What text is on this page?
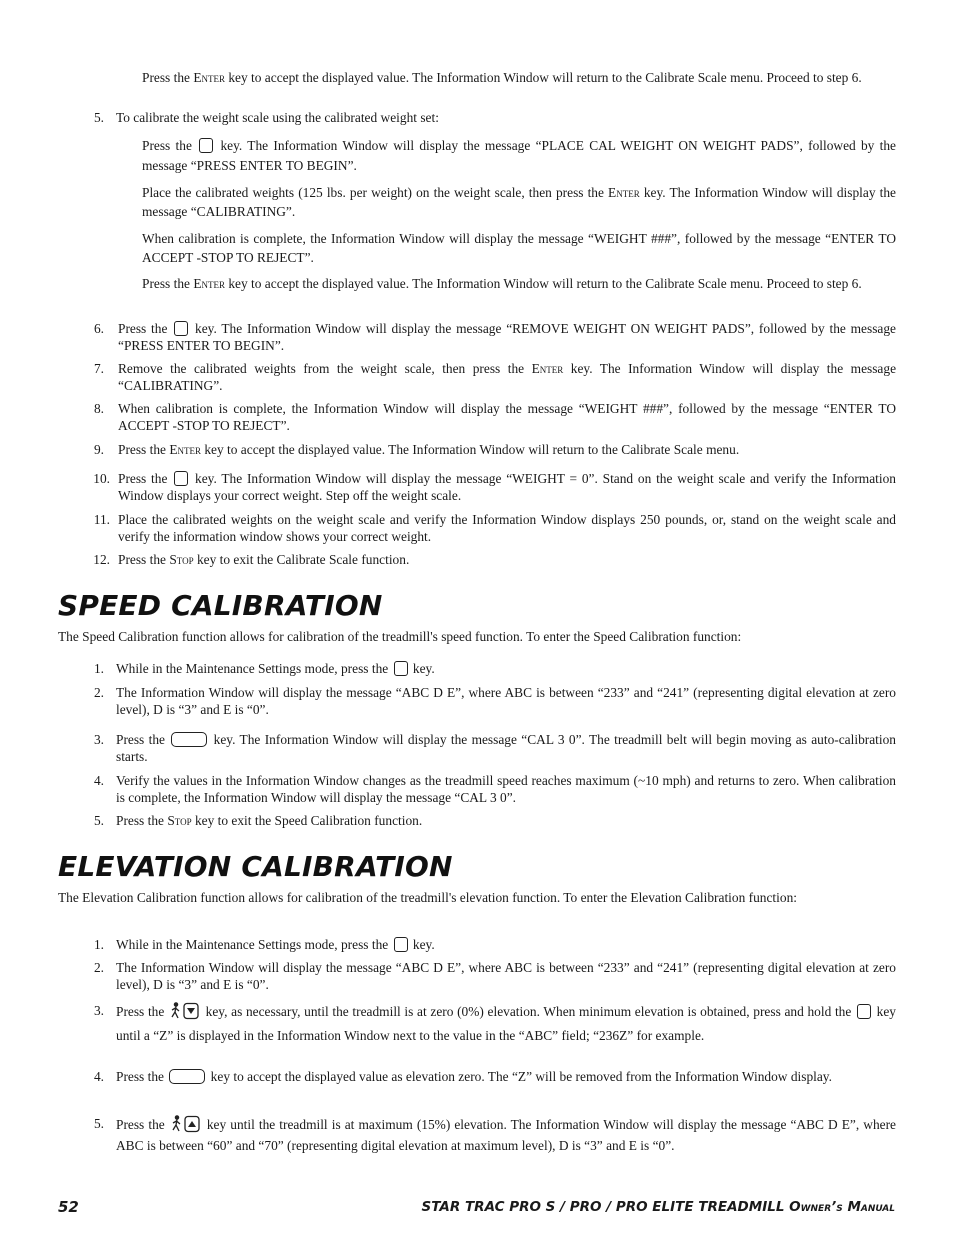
Press the Enter key to accept the displayed value. The Information Window will return to the Calibrate Scale menu. Proceed to step 6.
5. To calibrate the weight scale using the calibrated weight set:
Press the  key. The Information Window will display the message “PLACE CAL WEIGHT ON WEIGHT PADS”, followed by the message “PRESS ENTER TO BEGIN”.
Place the calibrated weights (125 lbs. per weight) on the weight scale, then press the Enter key. The Information Window will display the message “CALIBRATING”.
When calibration is complete, the Information Window will display the message “WEIGHT ###”, followed by the message “ENTER TO ACCEPT -STOP TO REJECT”.
Press the Enter key to accept the displayed value. The Information Window will return to the Calibrate Scale menu. Proceed to step 6.
6. Press the  key. The Information Window will display the message “REMOVE WEIGHT ON WEIGHT PADS”, followed by the message “PRESS ENTER TO BEGIN”.
7. Remove the calibrated weights from the weight scale, then press the Enter key. The Information Window will display the message “CALIBRATING”.
8. When calibration is complete, the Information Window will display the message “WEIGHT ###”, followed by the message “ENTER TO ACCEPT -STOP TO REJECT”.
9. Press the Enter key to accept the displayed value. The Information Window will return to the Calibrate Scale menu.
10. Press the  key. The Information Window will display the message “WEIGHT = 0”. Stand on the weight scale and verify the Information Window displays your correct weight. Step off the weight scale.
11. Place the calibrated weights on the weight scale and verify the Information Window displays 250 pounds, or, stand on the weight scale and verify the information window shows your correct weight.
12. Press the Stop key to exit the Calibrate Scale function.
SPEED CALIBRATION
The Speed Calibration function allows for calibration of the treadmill's speed function. To enter the Speed Calibration function:
1. While in the Maintenance Settings mode, press the  key.
2. The Information Window will display the message “ABC D E”, where ABC is between “233” and “241” (representing digital elevation at zero level), D is “3” and E is “0”.
3. Press the	key. The Information Window will display the message “CAL 3 0”. The treadmill belt will begin moving as auto-calibration starts.
4. Verify the values in the Information Window changes as the treadmill speed reaches maximum (~10 mph) and returns to zero. When calibration is complete, the Information Window will display the message “CAL 3 0”.
5. Press the Stop key to exit the Speed Calibration function.
ELEVATION CALIBRATION
The Elevation Calibration function allows for calibration of the treadmill's elevation function. To enter the Elevation Calibration function:
1. While in the Maintenance Settings mode, press the  key.
2. The Information Window will display the message “ABC D E”, where ABC is between “233” and “241” (representing digital elevation at zero level), D is “3” and E is “0”.
3. Press the	key, as necessary, until the treadmill is at zero (0%) elevation. When minimum elevation is obtained, press and hold the  key until a “Z” is displayed in the Information Window next to the value in the “ABC” field; “236Z” for example.
4. Press the	key to accept the displayed value as elevation zero. The “Z” will be removed from the Information Window display.
5. Press the	key until the treadmill is at maximum (15%) elevation. The Information Window will display the message “ABC D E”, where ABC is between “60” and “70” (representing digital elevation at maximum level), D is “3” and E is “0”.
52	STAR TRAC PRO S / PRO / PRO ELITE TREADMILL Owner’s Manual
